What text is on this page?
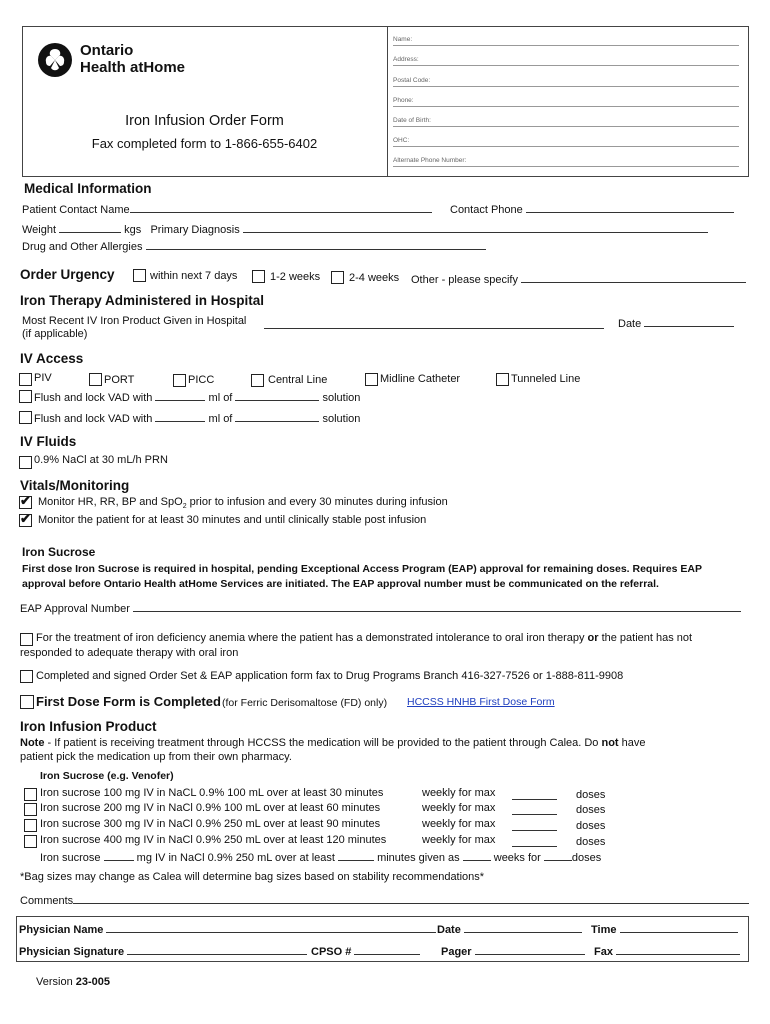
Ontario
Health atHome
Iron Infusion Order Form
Fax completed form to 1-866-655-6402
Name:
Address:
Postal Code:
Phone:
Date of Birth:
OHC:
Alternate Phone Number:
Medical Information
Patient Contact Name	Contact Phone
Weight	kgs Primary Diagnosis
Drug and Other Allergies
Order Urgency	within next 7 days	1-2 weeks	2-4 weeks Other - please specify
Iron Therapy Administered in Hospital
Most Recent IV Iron Product Given in Hospital
(if applicable)
Date
IV Access
PIV	PORT	PICC	Central Line	Midline Catheter	Tunneled Line
Flush and lock VAD with	ml of	solution
Flush and lock VAD with	ml of	solution
IV Fluids
0.9% NaCl at 30 mL/h PRN
Vitals/Monitoring
✔
Monitor HR, RR, BP and SpO$_2$ prior to infusion and every 30 minutes during infusion
✔
Monitor the patient for at least 30 minutes and until clinically stable post infusion
Iron Sucrose
First dose Iron Sucrose is required in hospital, pending Exceptional Access Program (EAP) approval for remaining doses. Requires EAP
approval before Ontario Health atHome Services are initiated. The EAP approval number must be communicated on the referral.
EAP Approval Number
For the treatment of iron deficiency anemia where the patient has a demonstrated intolerance to oral iron therapy or the patient has not
responded to adequate therapy with oral iron
Completed and signed Order Set & EAP application form fax to Drug Programs Branch 416-327-7526 or 1-888-811-9908
First Dose Form is Completed (for Ferric Derisomaltose (FD) only) HCCSS HNHB First Dose Form
Iron Infusion Product
Note - If patient is receiving treatment through HCCSS the medication will be provided to the patient through Calea. Do not have
patient pick the medication up from their own pharmacy.
Iron Sucrose (e.g. Venofer)
Iron sucrose 100 mg IV in NaCL 0.9% 100 mL over at least 30 minutes	weekly for max	doses
Iron sucrose 200 mg IV in NaCl 0.9% 100 mL over at least 60 minutes	weekly for max	doses
Iron sucrose 300 mg IV in NaCl 0.9% 250 mL over at least 90 minutes	weekly for max	doses
Iron sucrose 400 mg IV in NaCl 0.9% 250 mL over at least 120 minutes	weekly for max	doses
Iron sucrose	mg IV in NaCl 0.9% 250 mL over at least	minutes given as	weeks for	doses
*Bag sizes may change as Calea will determine bag sizes based on stability recommendations*
Comments
Physician Name	Date	Time
Physician Signature	CPSO #	Pager	Fax
Version 23-005
